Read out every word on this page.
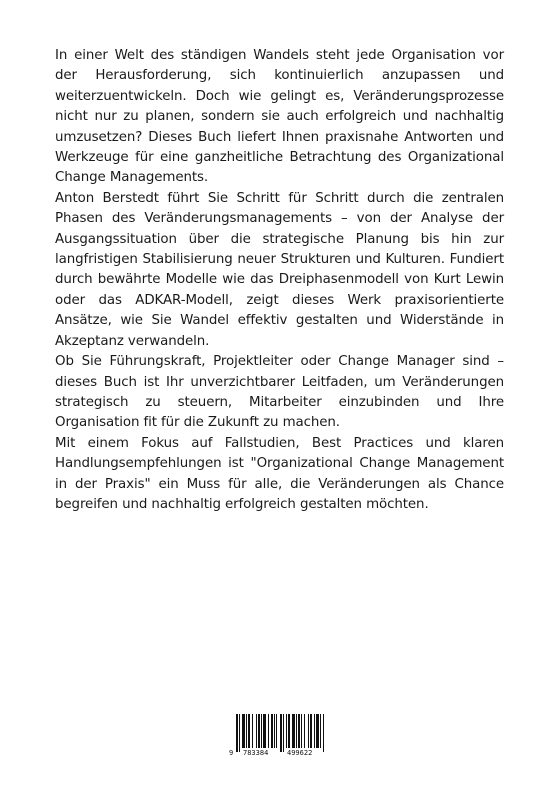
In einer Welt des ständigen Wandels steht jede Organisation vor der Herausforderung, sich kontinuierlich anzupassen und weiterzuentwickeln. Doch wie gelingt es, Veränderungsprozesse nicht nur zu planen, sondern sie auch erfolgreich und nachhaltig umzusetzen? Dieses Buch liefert Ihnen praxisnahe Antworten und Werkzeuge für eine ganzheitliche Betrachtung des Organizational Change Managements.

Anton Berstedt führt Sie Schritt für Schritt durch die zentralen Phasen des Veränderungsmanagements – von der Analyse der Ausgangssituation über die strategische Planung bis hin zur langfristigen Stabilisierung neuer Strukturen und Kulturen. Fundiert durch bewährte Modelle wie das Dreiphasenmodell von Kurt Lewin oder das ADKAR-Modell, zeigt dieses Werk praxisorientierte Ansätze, wie Sie Wandel effektiv gestalten und Widerstände in Akzeptanz verwandeln.

Ob Sie Führungskraft, Projektleiter oder Change Manager sind – dieses Buch ist Ihr unverzichtbarer Leitfaden, um Veränderungen strategisch zu steuern, Mitarbeiter einzubinden und Ihre Organisation fit für die Zukunft zu machen.

Mit einem Fokus auf Fallstudien, Best Practices und klaren Handlungsempfehlungen ist "Organizational Change Management in der Praxis" ein Muss für alle, die Veränderungen als Chance begreifen und nachhaltig erfolgreich gestalten möchten.

9 783384	499622
